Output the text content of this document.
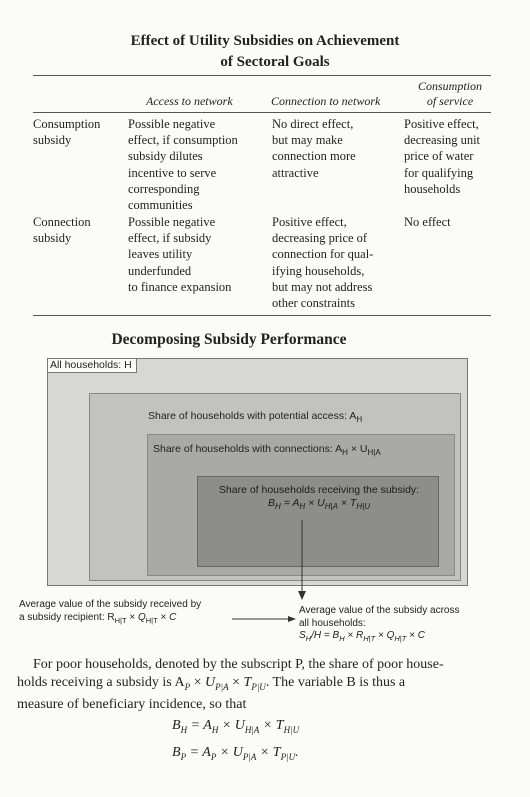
Effect of Utility Subsidies on Achievement
of Sectoral Goals
Access to network	Connection to network
Consumption
of service
Consumption
subsidy
Possible negative
effect, if consumption
subsidy dilutes
incentive to serve
corresponding
communities
No direct effect,
but may make
connection more
attractive
Positive effect,
decreasing unit
price of water
for qualifying
households
Connection
subsidy
Possible negative
effect, if subsidy
leaves utility
underfunded
to finance expansion
Positive effect,
decreasing price of
connection for qual-
ifying households,
but may not address
other constraints
No effect
Decomposing Subsidy Performance
All households: H
Share of households with potential access: $A_H$
Share of households with connections: $A_H \times U_{H|A}$
Share of households receiving the subsidy:
$B_H = A_H \times U_{H|A} \times T_{H|U}$
Average value of the subsidy received by
a subsidy recipient: $R_{H|T} \times Q_{H|T} \times C$
Average value of the subsidy across
all households:
$S_H/H = B_H \times R_{H|T} \times Q_{H|T} \times C$
For poor households, denoted by the subscript P, the share of poor house-
holds receiving a subsidy is $A_P \times U_{P|A} \times T_{P|U}$. The variable B is thus a
measure of beneficiary incidence, so that
$B_H = A_H \times U_{H|A} \times T_{H|U}$
$B_P = A_P \times U_{P|A} \times T_{P|U}$.
